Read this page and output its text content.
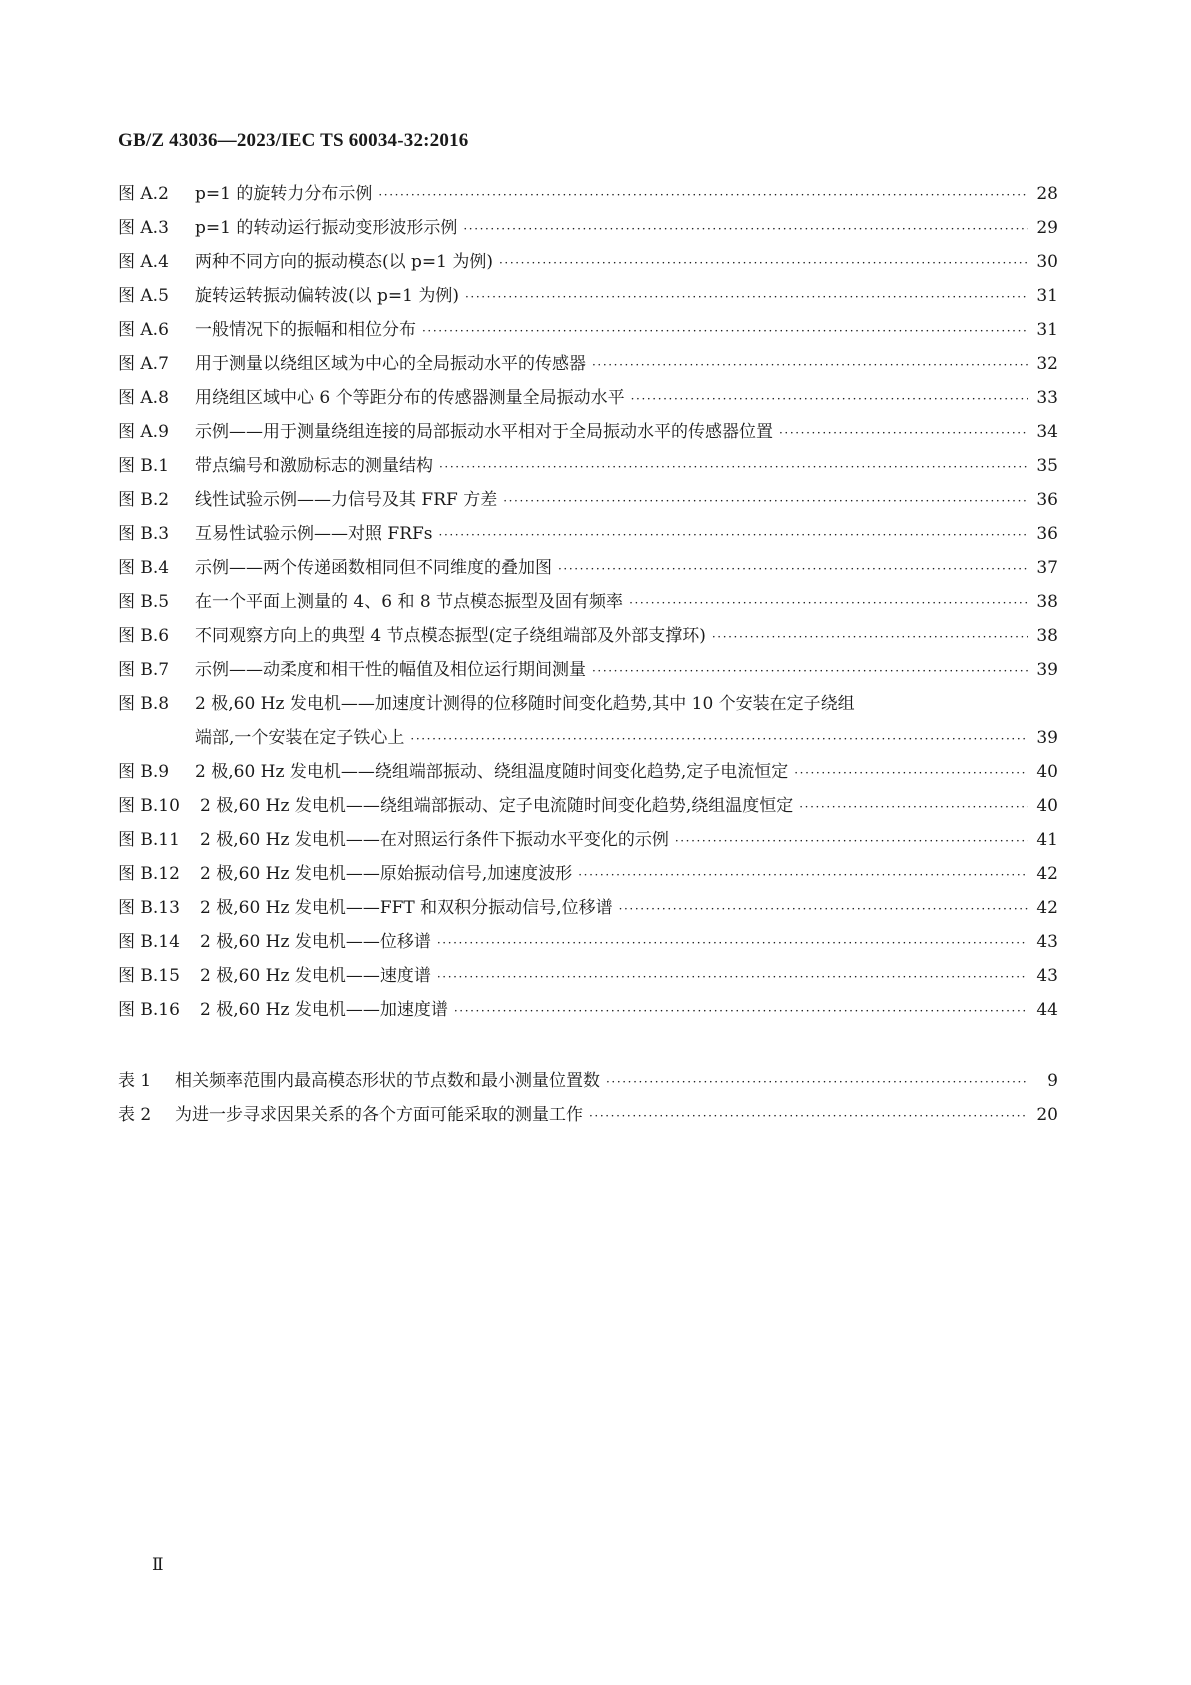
GB/Z 43036—2023/IEC TS 60034-32:2016
图 A.2	p=1 的旋转力分布示例 ·····	28
图 A.3	p=1 的转动运行振动变形波形示例 ·····	29
图 A.4	两种不同方向的振动模态(以 p=1 为例) ·····	30
图 A.5	旋转运转振动偏转波(以 p=1 为例) ·····	31
图 A.6	一般情况下的振幅和相位分布 ·····	31
图 A.7	用于测量以绕组区域为中心的全局振动水平的传感器 ·····	32
图 A.8	用绕组区域中心 6 个等距分布的传感器测量全局振动水平 ·····	33
图 A.9	示例——用于测量绕组连接的局部振动水平相对于全局振动水平的传感器位置 ·····	34
图 B.1	带点编号和激励标志的测量结构 ·····	35
图 B.2	线性试验示例——力信号及其 FRF 方差 ·····	36
图 B.3	互易性试验示例——对照 FRFs ·····	36
图 B.4	示例——两个传递函数相同但不同维度的叠加图 ·····	37
图 B.5	在一个平面上测量的 4、6 和 8 节点模态振型及固有频率 ·····	38
图 B.6	不同观察方向上的典型 4 节点模态振型(定子绕组端部及外部支撑环) ·····	38
图 B.7	示例——动柔度和相干性的幅值及相位运行期间测量 ·····	39
图 B.8	2 极,60 Hz 发电机——加速度计测得的位移随时间变化趋势,其中 10 个安装在定子绕组
端部,一个安装在定子铁心上 ·····	39
图 B.9	2 极,60 Hz 发电机——绕组端部振动、绕组温度随时间变化趋势,定子电流恒定 ·····	40
图 B.10	2 极,60 Hz 发电机——绕组端部振动、定子电流随时间变化趋势,绕组温度恒定 ·····	40
图 B.11	2 极,60 Hz 发电机——在对照运行条件下振动水平变化的示例 ·····	41
图 B.12	2 极,60 Hz 发电机——原始振动信号,加速度波形 ·····	42
图 B.13	2 极,60 Hz 发电机——FFT 和双积分振动信号,位移谱 ·····	42
图 B.14	2 极,60 Hz 发电机——位移谱 ·····	43
图 B.15	2 极,60 Hz 发电机——速度谱 ·····	43
图 B.16	2 极,60 Hz 发电机——加速度谱 ·····	44
表 1	相关频率范围内最高模态形状的节点数和最小测量位置数 ·····	9
表 2	为进一步寻求因果关系的各个方面可能采取的测量工作 ·····	20
Ⅱ
